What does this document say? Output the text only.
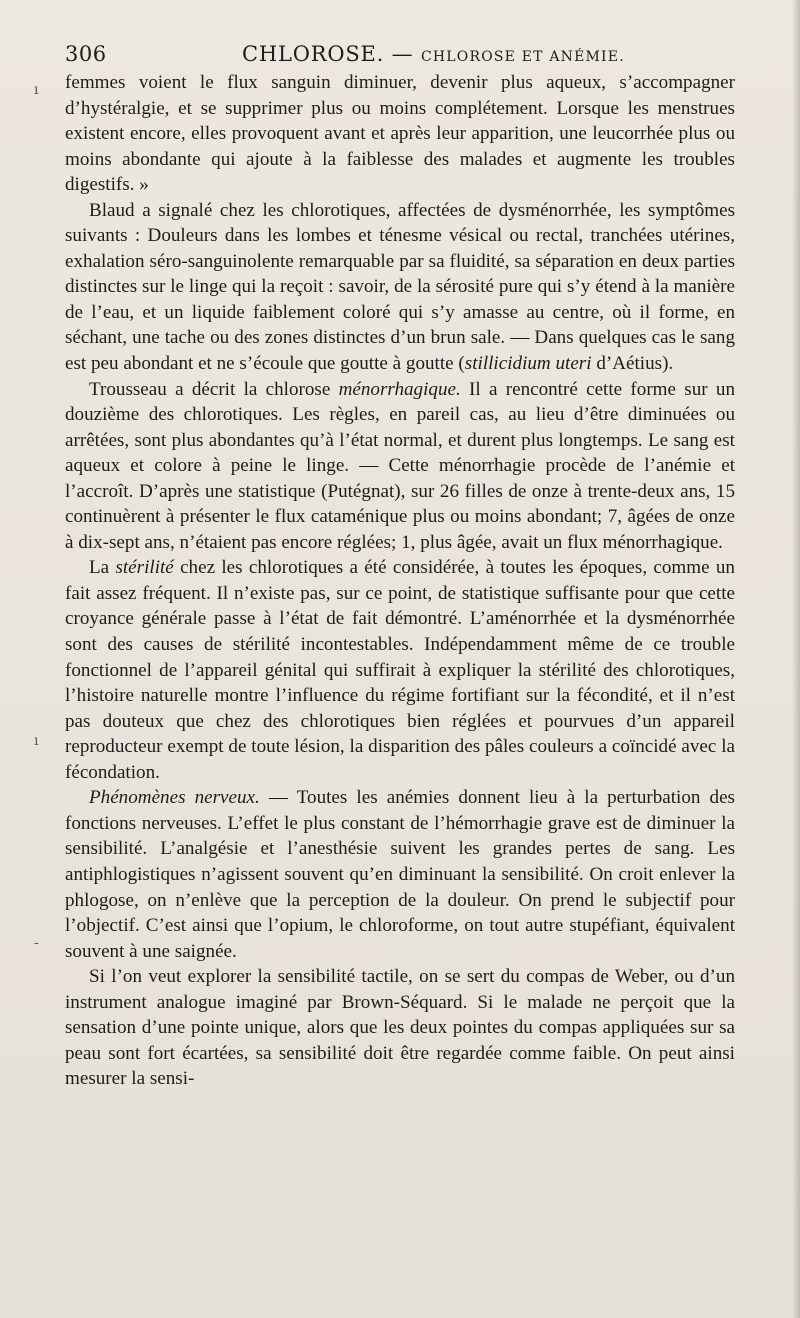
306	CHLOROSE. — CHLOROSE ET ANÉMIE.

femmes voient le flux sanguin diminuer, devenir plus aqueux, s’accompagner d’hystéralgie, et se supprimer plus ou moins complétement. Lorsque les menstrues existent encore, elles provoquent avant et après leur apparition, une leucorrhée plus ou moins abondante qui ajoute à la faiblesse des malades et augmente les troubles digestifs. »

Blaud a signalé chez les chlorotiques, affectées de dysménorrhée, les symptômes suivants : Douleurs dans les lombes et ténesme vésical ou rectal, tranchées utérines, exhalation séro-sanguinolente remarquable par sa fluidité, sa séparation en deux parties distinctes sur le linge qui la reçoit : savoir, de la sérosité pure qui s’y étend à la manière de l’eau, et un liquide faiblement coloré qui s’y amasse au centre, où il forme, en séchant, une tache ou des zones distinctes d’un brun sale. — Dans quelques cas le sang est peu abondant et ne s’écoule que goutte à goutte (stillicidium uteri d’Aétius).

Trousseau a décrit la chlorose ménorrhagique. Il a rencontré cette forme sur un douzième des chlorotiques. Les règles, en pareil cas, au lieu d’être diminuées ou arrêtées, sont plus abondantes qu’à l’état normal, et durent plus longtemps. Le sang est aqueux et colore à peine le linge. — Cette ménorrhagie procède de l’anémie et l’accroît. D’après une statistique (Putégnat), sur 26 filles de onze à trente-deux ans, 15 continuèrent à présenter le flux cataménique plus ou moins abondant; 7, âgées de onze à dix-sept ans, n’étaient pas encore réglées; 1, plus âgée, avait un flux ménorrhagique.

La stérilité chez les chlorotiques a été considérée, à toutes les époques, comme un fait assez fréquent. Il n’existe pas, sur ce point, de statistique suffisante pour que cette croyance générale passe à l’état de fait démontré. L’aménorrhée et la dysménorrhée sont des causes de stérilité incontestables. Indépendamment même de ce trouble fonctionnel de l’appareil génital qui suffirait à expliquer la stérilité des chlorotiques, l’histoire naturelle montre l’influence du régime fortifiant sur la fécondité, et il n’est pas douteux que chez des chlorotiques bien réglées et pourvues d’un appareil reproducteur exempt de toute lésion, la disparition des pâles couleurs a coïncidé avec la fécondation.

Phénomènes nerveux. — Toutes les anémies donnent lieu à la perturbation des fonctions nerveuses. L’effet le plus constant de l’hémorrhagie grave est de diminuer la sensibilité. L’analgésie et l’anesthésie suivent les grandes pertes de sang. Les antiphlogistiques n’agissent souvent qu’en diminuant la sensibilité. On croit enlever la phlogose, on n’enlève que la perception de la douleur. On prend le subjectif pour l’objectif. C’est ainsi que l’opium, le chloroforme, on tout autre stupéfiant, équivalent souvent à une saignée.

Si l’on veut explorer la sensibilité tactile, on se sert du compas de Weber, ou d’un instrument analogue imaginé par Brown-Séquard. Si le malade ne perçoit que la sensation d’une pointe unique, alors que les deux pointes du compas appliquées sur sa peau sont fort écartées, sa sensibilité doit être regardée comme faible. On peut ainsi mesurer la sensi-

ı
ı
-
